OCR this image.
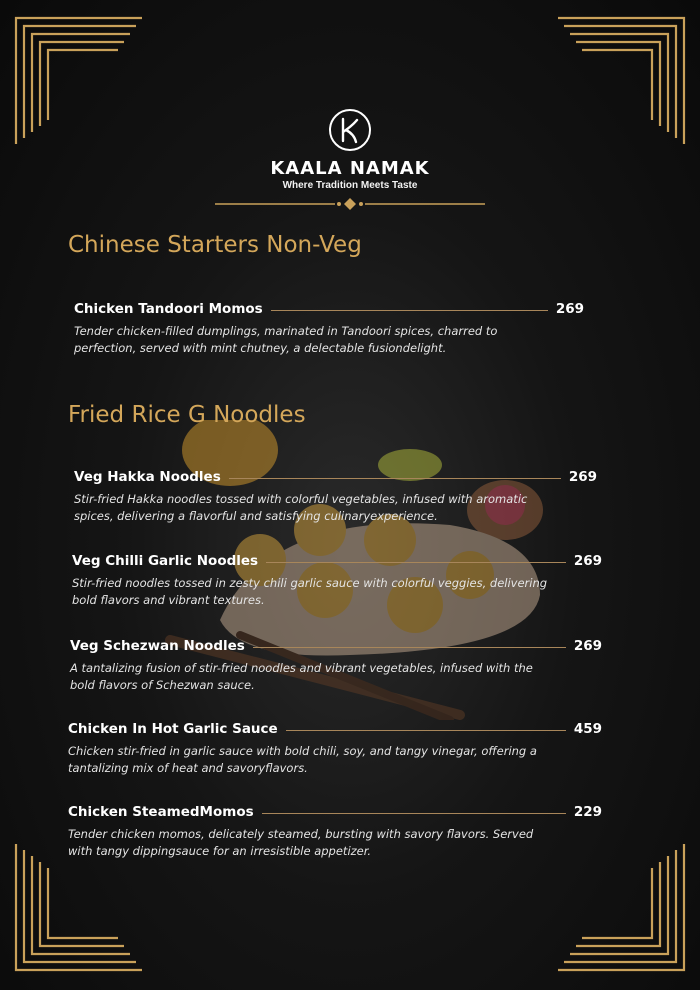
KAALA NAMAK
Where Tradition Meets Taste
Chinese Starters Non-Veg
Chicken Tandoori Momos	269
Tender chicken-filled dumplings, marinated in Tandoori spices, charred to
perfection, served with mint chutney, a delectable fusiondelight.
Fried Rice G Noodles
Veg Hakka Noodles	269
Stir-fried Hakka noodles tossed with colorful vegetables, infused with aromatic
spices, delivering a flavorful and satisfying culinaryexperience.
Veg Chilli Garlic Noodles	269
Stir-fried noodles tossed in zesty chili garlic sauce with colorful veggies, delivering
bold flavors and vibrant textures.
Veg Schezwan Noodles	269
A tantalizing fusion of stir-fried noodles and vibrant vegetables, infused with the
bold flavors of Schezwan sauce.
Chicken In Hot Garlic Sauce	459
Chicken stir-fried in garlic sauce with bold chili, soy, and tangy vinegar, offering a
tantalizing mix of heat and savoryflavors.
Chicken SteamedMomos	229
Tender chicken momos, delicately steamed, bursting with savory flavors. Served
with tangy dippingsauce for an irresistible appetizer.
